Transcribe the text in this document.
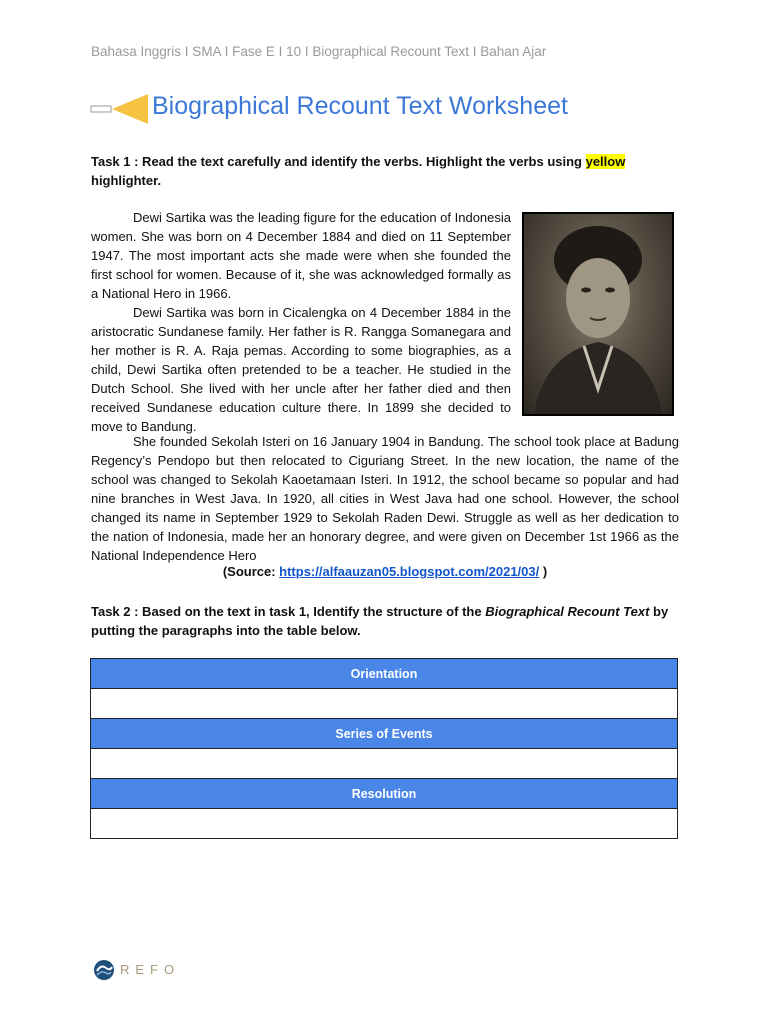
Bahasa Inggris I SMA I Fase E I 10 I Biographical Recount Text I Bahan Ajar
Biographical Recount Text Worksheet
Task 1 : Read the text carefully and identify the verbs. Highlight the verbs using yellow highlighter.
Dewi Sartika was the leading figure for the education of Indonesia women. She was born on 4 December 1884 and died on 11 September 1947. The most important acts she made were when she founded the first school for women. Because of it, she was acknowledged formally as a National Hero in 1966.
Dewi Sartika was born in Cicalengka on 4 December 1884 in the aristocratic Sundanese family. Her father is R. Rangga Somanegara and her mother is R. A. Raja pemas. According to some biographies, as a child, Dewi Sartika often pretended to be a teacher. He studied in the Dutch School. She lived with her uncle after her father died and then received Sundanese education culture there. In 1899 she decided to move to Bandung.
She founded Sekolah Isteri on 16 January 1904 in Bandung. The school took place at Badung Regency’s Pendopo but then relocated to Ciguriang Street. In the new location, the name of the school was changed to Sekolah Kaoetamaan Isteri. In 1912, the school became so popular and had nine branches in West Java. In 1920, all cities in West Java had one school. However, the school changed its name in September 1929 to Sekolah Raden Dewi. Struggle as well as her dedication to the nation of Indonesia, made her an honorary degree, and were given on December 1st 1966 as the National Independence Hero
(Source: https://alfaauzan05.blogspot.com/2021/03/ )
Task 2 : Based on the text in task 1, Identify the structure of the Biographical Recount Text by putting the paragraphs into the table below.
Orientation

Series of Events

Resolution

REFO
